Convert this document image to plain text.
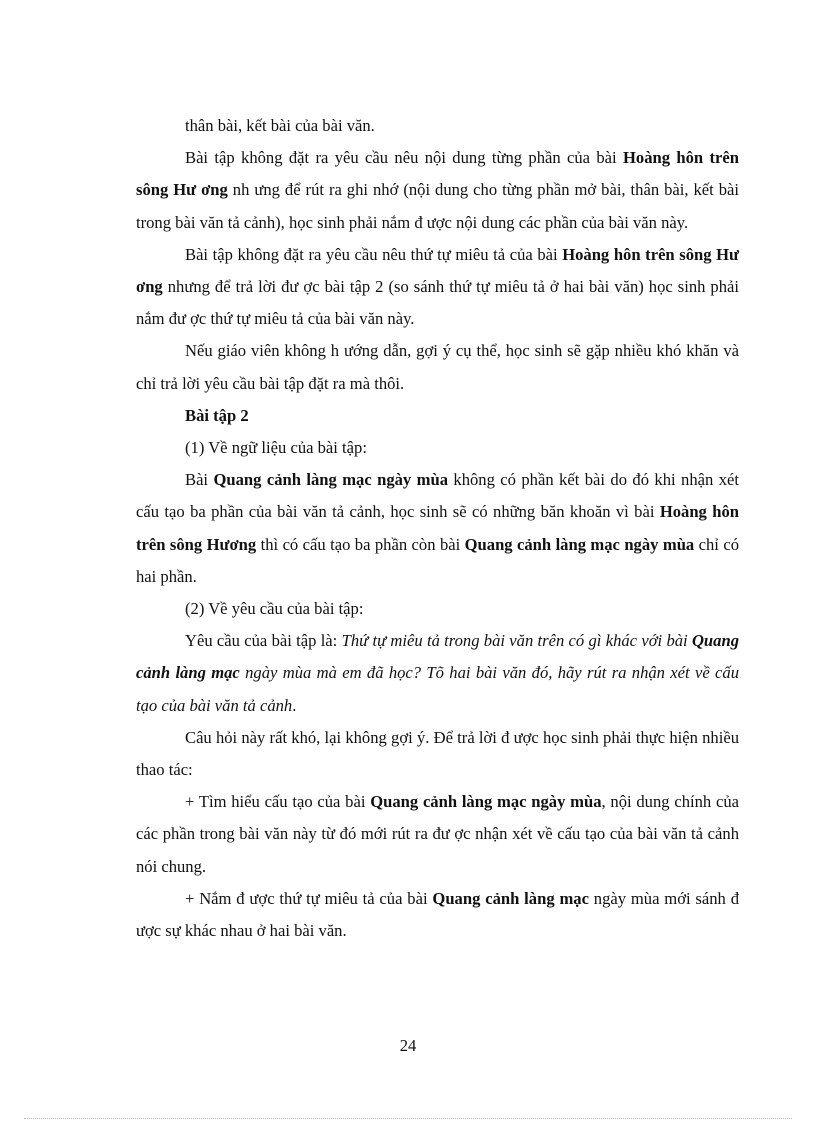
thân bài, kết bài của bài văn.

Bài tập không đặt ra yêu cầu nêu nội dung từng phần của bài Hoàng hôn trên sông Hư ơng nh ưng để rút ra ghi nhớ (nội dung cho từng phần mở bài, thân bài, kết bài trong bài văn tả cảnh), học sinh phải nắm đ ược nội dung các phần của bài văn này.

Bài tập không đặt ra yêu cầu nêu thứ tự miêu tả của bài Hoàng hôn trên sông Hư ơng nhưng để trả lời đư ợc bài tập 2 (so sánh thứ tự miêu tả ở hai bài văn) học sinh phải nắm đư ợc thứ tự miêu tả của bài văn này.

Nếu giáo viên không h ướng dẫn, gợi ý cụ thể, học sinh sẽ gặp nhiều khó khăn và chỉ trả lời yêu cầu bài tập đặt ra mà thôi.

Bài tập 2

(1) Về ngữ liệu của bài tập:

Bài Quang cảnh làng mạc ngày mùa không có phần kết bài do đó khi nhận xét cấu tạo ba phần của bài văn tả cảnh, học sinh sẽ có những băn khoăn vì bài Hoàng hôn trên sông Hương thì có cấu tạo ba phần còn bài Quang cảnh làng mạc ngày mùa chỉ có hai phần.

(2) Về yêu cầu của bài tập:

Yêu cầu của bài tập là: Thứ tự miêu tả trong bài văn trên có gì khác với bài Quang cảnh làng mạc ngày mùa mà em đã học? Tõ hai bài văn đó, hãy rút ra nhận xét về cấu tạo của bài văn tả cảnh.

Câu hỏi này rất khó, lại không gợi ý. Để trả lời đ ược học sinh phải thực hiện nhiều thao tác:

+ Tìm hiểu cấu tạo của bài Quang cảnh làng mạc ngày mùa, nội dung chính của các phần trong bài văn này từ đó mới rút ra đư ợc nhận xét về cấu tạo của bài văn tả cảnh nói chung.

+ Nắm đ ược thứ tự miêu tả của bài Quang cảnh làng mạc ngày mùa mới sánh đ ược sự khác nhau ở hai bài văn.

24
